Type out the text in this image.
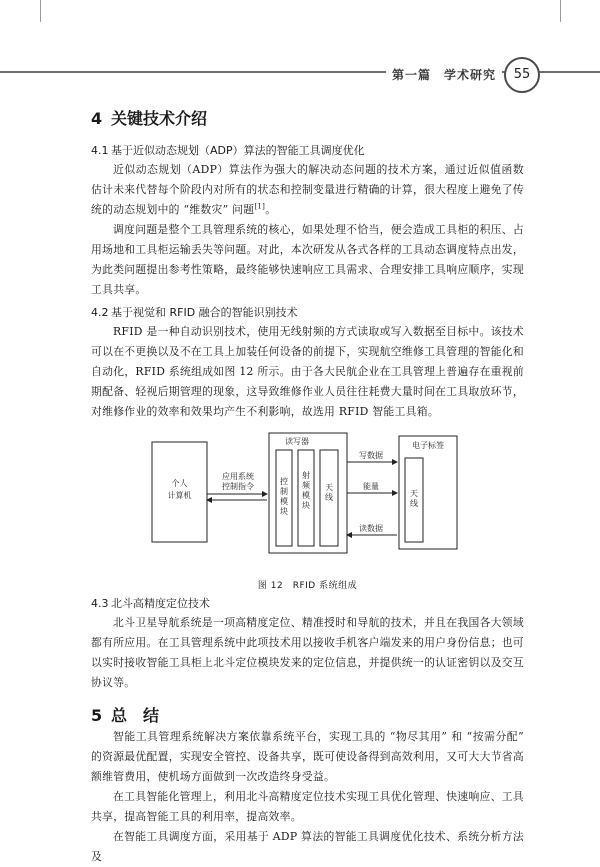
第一篇　学术研究	55
4 关键技术介绍
4.1 基于近似动态规划（ADP）算法的智能工具调度优化

近似动态规划（ADP）算法作为强大的解决动态问题的技术方案，通过近似值函数估计未来代替每个阶段内对所有的状态和控制变量进行精确的计算，很大程度上避免了传统的动态规划中的 “维数灾” 问题[1]。

调度问题是整个工具管理系统的核心，如果处理不恰当，便会造成工具柜的积压、占用场地和工具柜运输丢失等问题。对此，本次研发从各式各样的工具动态调度特点出发，为此类问题提出参考性策略，最终能够快速响应工具需求、合理安排工具响应顺序，实现工具共享。

4.2 基于视觉和 RFID 融合的智能识别技术

RFID 是一种自动识别技术，使用无线射频的方式读取或写入数据至目标中。该技术可以在不更换以及不在工具上加装任何设备的前提下，实现航空维修工具管理的智能化和自动化，RFID 系统组成如图 12 所示。由于各大民航企业在工具管理上普遍存在重视前期配备、轻视后期管理的现象，这导致维修作业人员往往耗费大量时间在工具取放环节，对维修作业的效率和效果均产生不利影响，故选用 RFID 智能工具箱。

个人
计算机
应用系统
控制指令
读写器
控
制
模
块
射
频
模
块
天
线
写数据
能量
读数据
电子标签
天
线
图 12　RFID 系统组成
4.3 北斗高精度定位技术

北斗卫星导航系统是一项高精度定位、精准授时和导航的技术，并且在我国各大领域都有所应用。在工具管理系统中此项技术用以接收手机客户端发来的用户身份信息；也可以实时接收智能工具柜上北斗定位模块发来的定位信息，并提供统一的认证密钥以及交互协议等。

5 总　结

智能工具管理系统解决方案依靠系统平台，实现工具的 “物尽其用” 和 “按需分配” 的资源最优配置，实现安全管控、设备共享，既可使设备得到高效利用，又可大大节省高额维管费用，使机场方面做到一次改造终身受益。

在工具智能化管理上，利用北斗高精度定位技术实现工具优化管理、快速响应、工具共享，提高智能工具的利用率，提高效率。

在智能工具调度方面，采用基于 ADP 算法的智能工具调度优化技术、系统分析方法及
